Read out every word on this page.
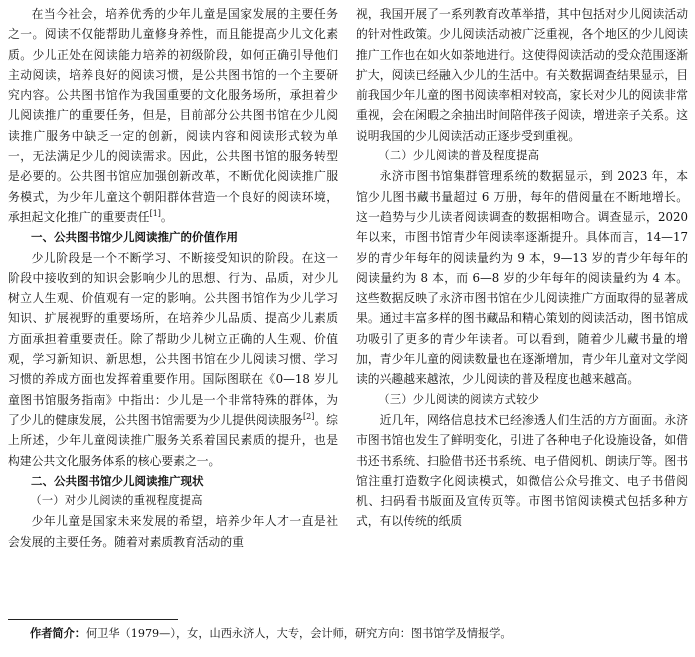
在当今社会，培养优秀的少年儿童是国家发展的主要任务之一。阅读不仅能帮助儿童修身养性，而且能提高少儿文化素质。少儿正处在阅读能力培养的初级阶段，如何正确引导他们主动阅读，培养良好的阅读习惯，是公共图书馆的一个主要研究内容。公共图书馆作为我国重要的文化服务场所，承担着少儿阅读推广的重要任务，但是，目前部分公共图书馆在少儿阅读推广服务中缺乏一定的创新，阅读内容和阅读形式较为单一，无法满足少儿的阅读需求。因此，公共图书馆的服务转型是必要的。公共图书馆应加强创新改革，不断优化阅读推广服务模式，为少年儿童这个朝阳群体营造一个良好的阅读环境，承担起文化推广的重要责任[1]。

一、公共图书馆少儿阅读推广的价值作用

少儿阶段是一个不断学习、不断接受知识的阶段。在这一阶段中接收到的知识会影响少儿的思想、行为、品质，对少儿树立人生观、价值观有一定的影响。公共图书馆作为少儿学习知识、扩展视野的重要场所，在培养少儿品质、提高少儿素质方面承担着重要责任。除了帮助少儿树立正确的人生观、价值观，学习新知识、新思想，公共图书馆在少儿阅读习惯、学习习惯的养成方面也发挥着重要作用。国际图联在《0—18 岁儿童图书馆服务指南》中指出：少儿是一个非常特殊的群体，为了少儿的健康发展，公共图书馆需要为少儿提供阅读服务[2]。综上所述，少年儿童阅读推广服务关系着国民素质的提升，也是构建公共文化服务体系的核心要素之一。

二、公共图书馆少儿阅读推广现状
（一）对少儿阅读的重视程度提高

少年儿童是国家未来发展的希望，培养少年人才一直是社会发展的主要任务。随着对素质教育活动的重

视，我国开展了一系列教育改革举措，其中包括对少儿阅读活动的针对性政策。少儿阅读活动被广泛重视，各个地区的少儿阅读推广工作也在如火如荼地进行。这使得阅读活动的受众范围逐渐扩大，阅读已经融入少儿的生活中。有关数据调查结果显示，目前我国少年儿童的图书阅读率相对较高，家长对少儿的阅读非常重视，会在闲暇之余抽出时间陪伴孩子阅读，增进亲子关系。这说明我国的少儿阅读活动正逐步受到重视。

（二）少儿阅读的普及程度提高

永济市图书馆集群管理系统的数据显示，到 2023 年，本馆少儿图书藏书量超过 6 万册，每年的借阅量在不断地增长。这一趋势与少儿读者阅读调查的数据相吻合。调查显示，2020 年以来，市图书馆青少年阅读率逐渐提升。具体而言，14—17 岁的青少年每年的阅读量约为 9 本，9—13 岁的青少年每年的阅读量约为 8 本，而 6—8 岁的少年每年的阅读量约为 4 本。这些数据反映了永济市图书馆在少儿阅读推广方面取得的显著成果。通过丰富多样的图书藏品和精心策划的阅读活动，图书馆成功吸引了更多的青少年读者。可以看到，随着少儿藏书量的增加，青少年儿童的阅读数量也在逐渐增加，青少年儿童对文学阅读的兴趣越来越浓，少儿阅读的普及程度也越来越高。

（三）少儿阅读的阅读方式较少

近几年，网络信息技术已经渗透人们生活的方方面面。永济市图书馆也发生了鲜明变化，引进了各种电子化设施设备，如借书还书系统、扫脸借书还书系统、电子借阅机、朗读厅等。图书馆注重打造数字化阅读模式，如微信公众号推文、电子书借阅机、扫码看书版面及宣传页等。市图书馆阅读模式包括多种方式，有以传统的纸质

作者简介：何卫华（1979—），女，山西永济人，大专，会计师，研究方向：图书馆学及情报学。
